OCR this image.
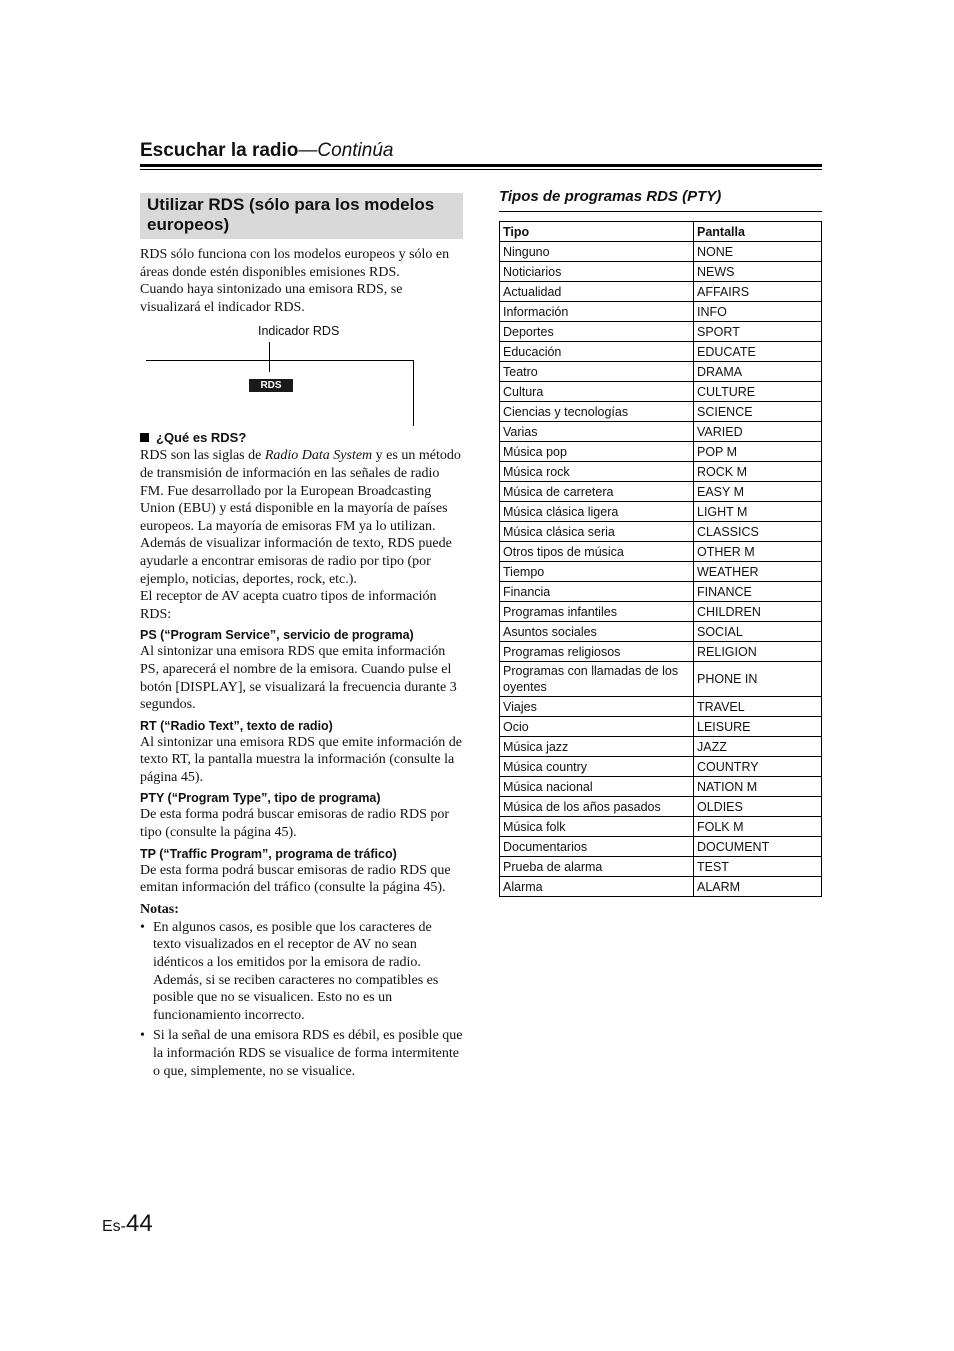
Escuchar la radio—Continúa
Utilizar RDS (sólo para los modelos europeos)

RDS sólo funciona con los modelos europeos y sólo en áreas donde estén disponibles emisiones RDS.

Cuando haya sintonizado una emisora RDS, se visualizará el indicador RDS.

Indicador RDS
RDS
¿Qué es RDS?

RDS son las siglas de Radio Data System y es un método de transmisión de información en las señales de radio FM. Fue desarrollado por la European Broadcasting Union (EBU) y está disponible en la mayoría de países europeos. La mayoría de emisoras FM ya lo utilizan. Además de visualizar información de texto, RDS puede ayudarle a encontrar emisoras de radio por tipo (por ejemplo, noticias, deportes, rock, etc.).

El receptor de AV acepta cuatro tipos de información RDS:

PS (“Program Service”, servicio de programa)

Al sintonizar una emisora RDS que emita información PS, aparecerá el nombre de la emisora. Cuando pulse el botón [DISPLAY], se visualizará la frecuencia durante 3 segundos.

RT (“Radio Text”, texto de radio)

Al sintonizar una emisora RDS que emite información de texto RT, la pantalla muestra la información (consulte la página 45).

PTY (“Program Type”, tipo de programa)

De esta forma podrá buscar emisoras de radio RDS por tipo (consulte la página 45).

TP (“Traffic Program”, programa de tráfico)

De esta forma podrá buscar emisoras de radio RDS que emitan información del tráfico (consulte la página 45).

Notas:
• En algunos casos, es posible que los caracteres de texto visualizados en el receptor de AV no sean idénticos a los emitidos por la emisora de radio. Además, si se reciben caracteres no compatibles es posible que no se visualicen. Esto no es un funcionamiento incorrecto.
• Si la señal de una emisora RDS es débil, es posible que la información RDS se visualice de forma intermitente o que, simplemente, no se visualice.
Tipos de programas RDS (PTY)
Tipo	Pantalla
Ninguno	NONE
Noticiarios	NEWS
Actualidad	AFFAIRS
Información	INFO
Deportes	SPORT
Educación	EDUCATE
Teatro	DRAMA
Cultura	CULTURE
Ciencias y tecnologías	SCIENCE
Varias	VARIED
Música pop	POP M
Música rock	ROCK M
Música de carretera	EASY M
Música clásica ligera	LIGHT M
Música clásica seria	CLASSICS
Otros tipos de música	OTHER M
Tiempo	WEATHER
Financia	FINANCE
Programas infantiles	CHILDREN
Asuntos sociales	SOCIAL
Programas religiosos	RELIGION
Programas con llamadas de los oyentes	PHONE IN
Viajes	TRAVEL
Ocio	LEISURE
Música jazz	JAZZ
Música country	COUNTRY
Música nacional	NATION M
Música de los años pasados	OLDIES
Música folk	FOLK M
Documentarios	DOCUMENT
Prueba de alarma	TEST
Alarma	ALARM
Es-44
